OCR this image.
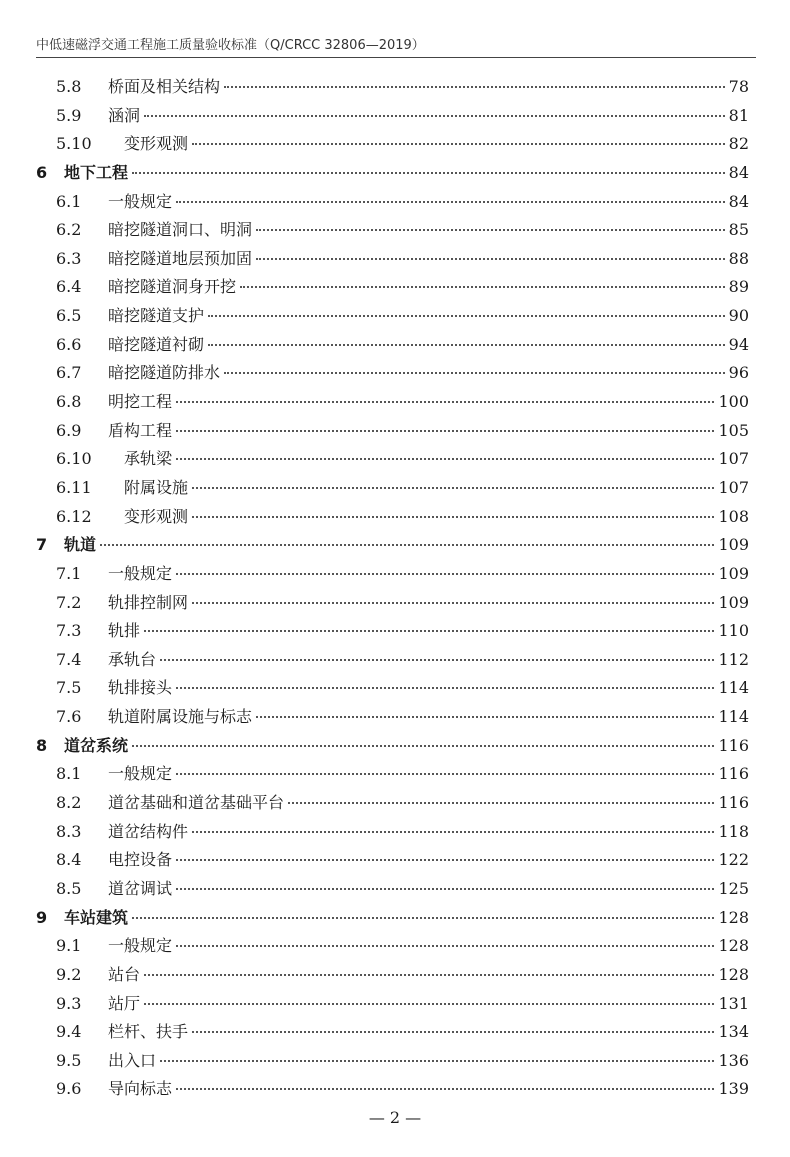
中低速磁浮交通工程施工质量验收标准（Q/CRCC 32806—2019）
5.8	桥面及相关结构	78
5.9	涵洞	81
5.10	变形观测	82
6	地下工程	84
6.1	一般规定	84
6.2	暗挖隧道洞口、明洞	85
6.3	暗挖隧道地层预加固	88
6.4	暗挖隧道洞身开挖	89
6.5	暗挖隧道支护	90
6.6	暗挖隧道衬砌	94
6.7	暗挖隧道防排水	96
6.8	明挖工程	100
6.9	盾构工程	105
6.10	承轨梁	107
6.11	附属设施	107
6.12	变形观测	108
7	轨道	109
7.1	一般规定	109
7.2	轨排控制网	109
7.3	轨排	110
7.4	承轨台	112
7.5	轨排接头	114
7.6	轨道附属设施与标志	114
8	道岔系统	116
8.1	一般规定	116
8.2	道岔基础和道岔基础平台	116
8.3	道岔结构件	118
8.4	电控设备	122
8.5	道岔调试	125
9	车站建筑	128
9.1	一般规定	128
9.2	站台	128
9.3	站厅	131
9.4	栏杆、扶手	134
9.5	出入口	136
9.6	导向标志	139
— 2 —
